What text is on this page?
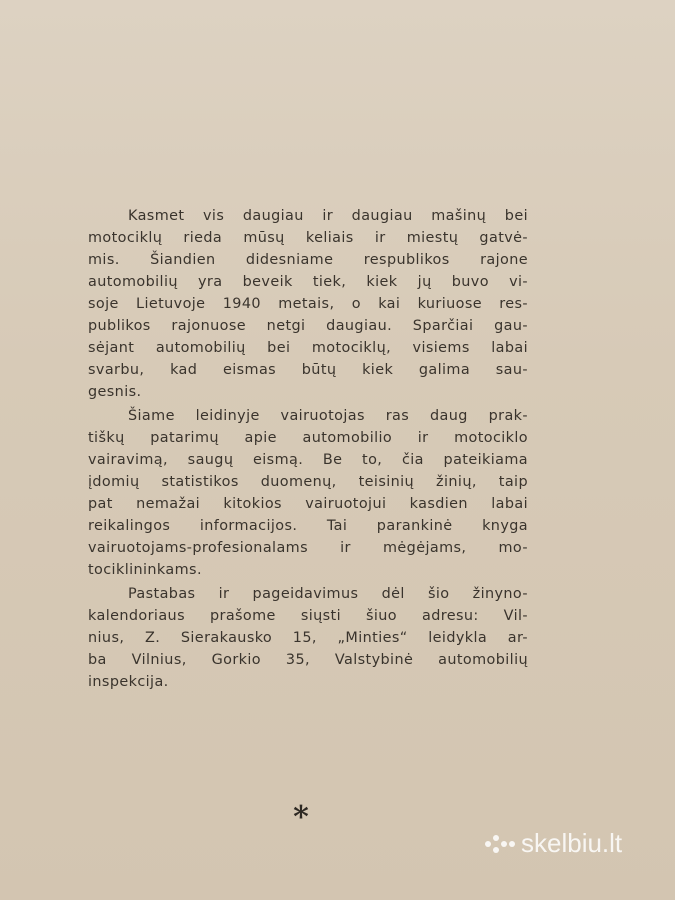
Kasmet vis daugiau ir daugiau mašinų bei
motociklų rieda mūsų keliais ir miestų gatvė-
mis. Šiandien didesniame respublikos rajone
automobilių yra beveik tiek, kiek jų buvo vi-
soje Lietuvoje 1940 metais, o kai kuriuose res-
publikos rajonuose netgi daugiau. Sparčiai gau-
sėjant automobilių bei motociklų, visiems labai
svarbu, kad eismas būtų kiek galima sau-
gesnis.
Šiame leidinyje vairuotojas ras daug prak-
tiškų patarimų apie automobilio ir motociklo
vairavimą, saugų eismą. Be to, čia pateikiama
įdomių statistikos duomenų, teisinių žinių, taip
pat nemažai kitokios vairuotojui kasdien labai
reikalingos informacijos. Tai parankinė knyga
vairuotojams-profesionalams ir mėgėjams, mo-
tociklininkams.
Pastabas ir pageidavimus dėl šio žinyno-
kalendoriaus prašome siųsti šiuo adresu: Vil-
nius, Z. Sierakausko 15, „Minties“ leidykla ar-
ba Vilnius, Gorkio 35, Valstybinė automobilių
inspekcija.
*
skelbiu.lt
